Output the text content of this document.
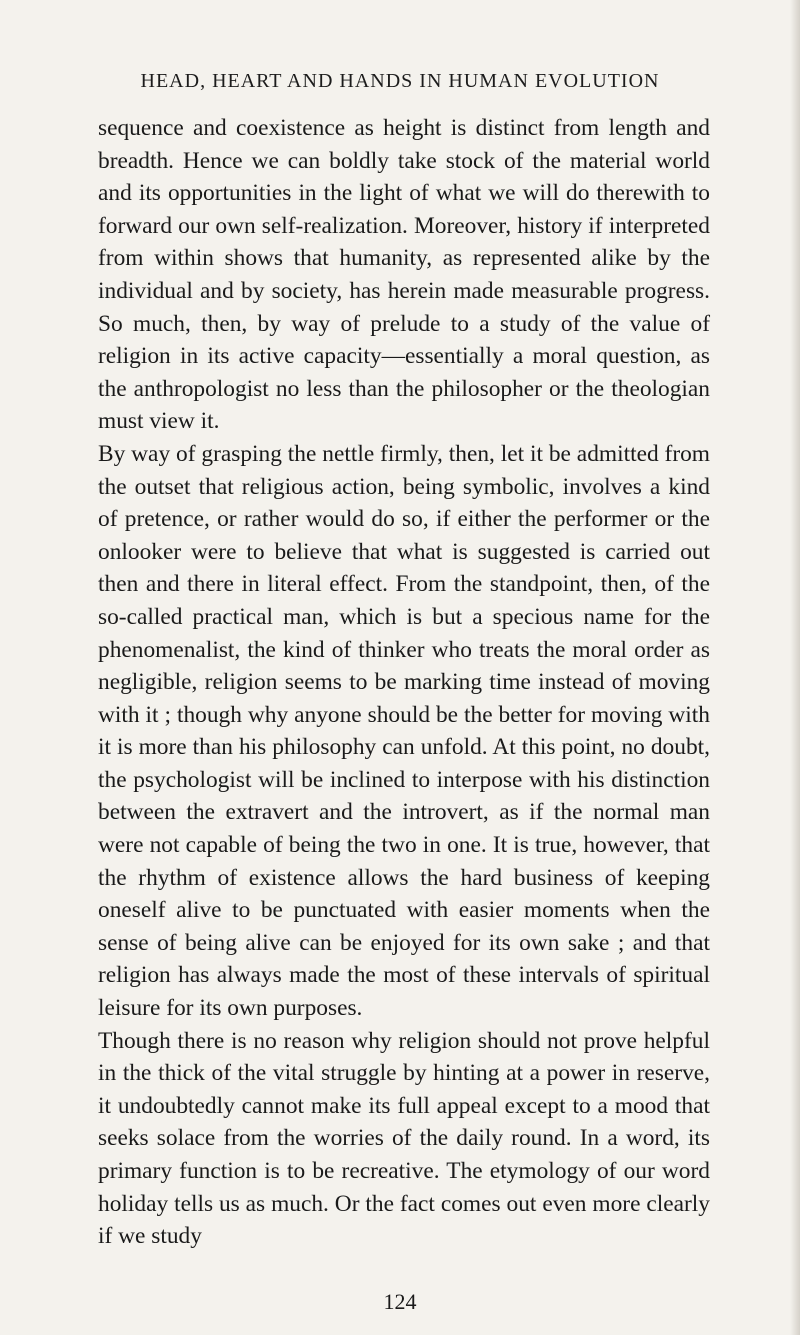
HEAD, HEART AND HANDS IN HUMAN EVOLUTION

sequence and coexistence as height is distinct from length and breadth. Hence we can boldly take stock of the material world and its opportunities in the light of what we will do therewith to forward our own self-realization. Moreover, history if interpreted from within shows that humanity, as represented alike by the individual and by society, has herein made measurable progress. So much, then, by way of prelude to a study of the value of religion in its active capacity—essentially a moral question, as the anthropologist no less than the philosopher or the theologian must view it.

By way of grasping the nettle firmly, then, let it be admitted from the outset that religious action, being symbolic, involves a kind of pretence, or rather would do so, if either the performer or the onlooker were to believe that what is suggested is carried out then and there in literal effect. From the standpoint, then, of the so-called practical man, which is but a specious name for the phenomenalist, the kind of thinker who treats the moral order as negligible, religion seems to be marking time instead of moving with it ; though why anyone should be the better for moving with it is more than his philosophy can unfold. At this point, no doubt, the psychologist will be inclined to interpose with his distinction between the extravert and the introvert, as if the normal man were not capable of being the two in one. It is true, however, that the rhythm of existence allows the hard business of keeping oneself alive to be punctuated with easier moments when the sense of being alive can be enjoyed for its own sake ; and that religion has always made the most of these intervals of spiritual leisure for its own purposes.

Though there is no reason why religion should not prove helpful in the thick of the vital struggle by hinting at a power in reserve, it undoubtedly cannot make its full appeal except to a mood that seeks solace from the worries of the daily round. In a word, its primary function is to be recreative. The etymology of our word holiday tells us as much. Or the fact comes out even more clearly if we study

124
